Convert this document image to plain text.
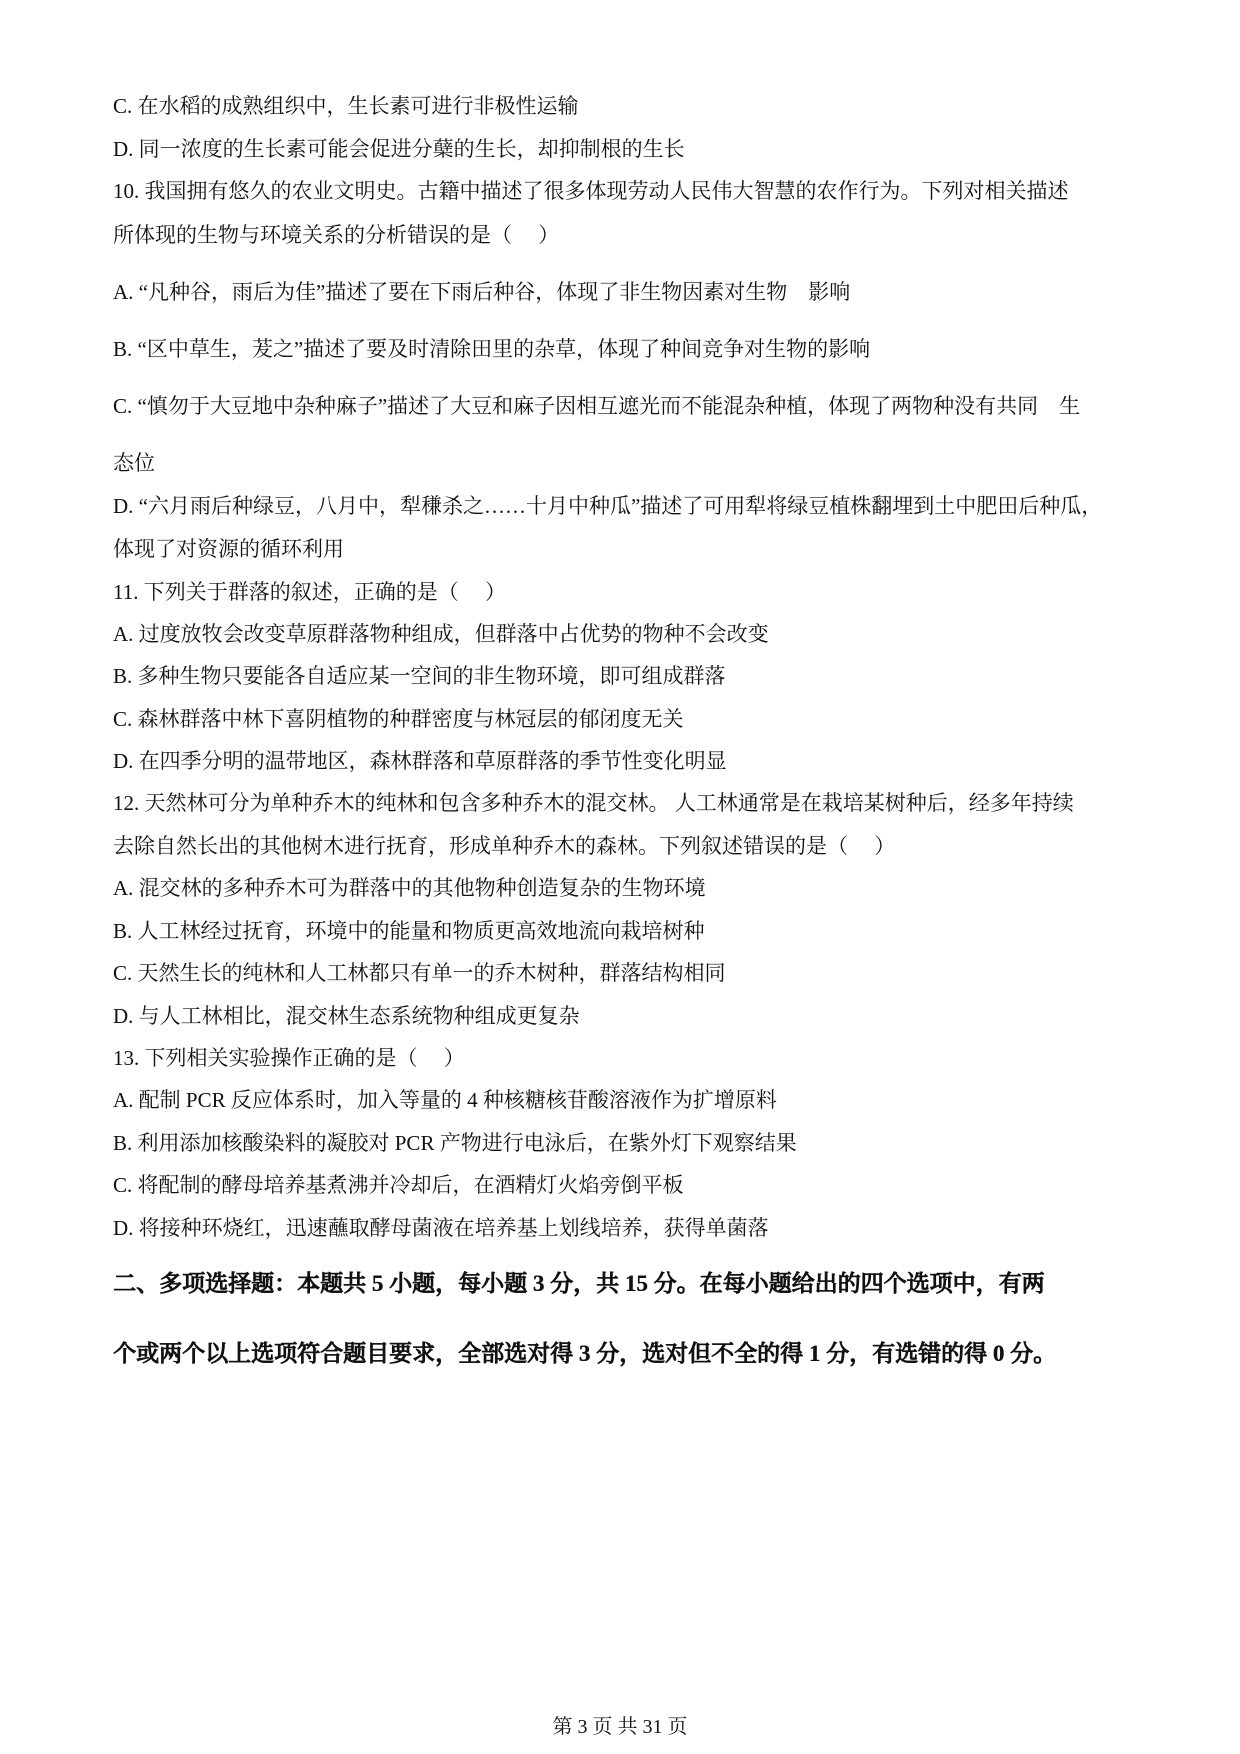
C. 在水稻的成熟组织中，生长素可进行非极性运输
D. 同一浓度的生长素可能会促进分蘖的生长，却抑制根的生长
10. 我国拥有悠久的农业文明史。古籍中描述了很多体现劳动人民伟大智慧的农作行为。下列对相关描述
所体现的生物与环境关系的分析错误的是（　 ）
A. “凡种谷，雨后为佳”描述了要在下雨后种谷，体现了非生物因素对生物　影响
B. “区中草生，茇之”描述了要及时清除田里的杂草，体现了种间竞争对生物的影响
C. “慎勿于大豆地中杂种麻子”描述了大豆和麻子因相互遮光而不能混杂种植，体现了两物种没有共同　生
态位
D. “六月雨后种绿豆，八月中，犁稴杀之……十月中种瓜”描述了可用犁将绿豆植株翻埋到土中肥田后种瓜，
体现了对资源的循环利用
11. 下列关于群落的叙述，正确的是（　 ）
A. 过度放牧会改变草原群落物种组成，但群落中占优势的物种不会改变
B. 多种生物只要能各自适应某一空间的非生物环境，即可组成群落
C. 森林群落中林下喜阴植物的种群密度与林冠层的郁闭度无关
D. 在四季分明的温带地区，森林群落和草原群落的季节性变化明显
12. 天然林可分为单种乔木的纯林和包含多种乔木的混交林。 人工林通常是在栽培某树种后，经多年持续
去除自然长出的其他树木进行抚育，形成单种乔木的森林。下列叙述错误的是（　 ）
A. 混交林的多种乔木可为群落中的其他物种创造复杂的生物环境
B. 人工林经过抚育，环境中的能量和物质更高效地流向栽培树种
C. 天然生长的纯林和人工林都只有单一的乔木树种，群落结构相同
D. 与人工林相比，混交林生态系统物种组成更复杂
13. 下列相关实验操作正确的是（　 ）
A. 配制 PCR 反应体系时，加入等量的 4 种核糖核苷酸溶液作为扩增原料
B. 利用添加核酸染料的凝胶对 PCR 产物进行电泳后，在紫外灯下观察结果
C. 将配制的酵母培养基煮沸并冷却后，在酒精灯火焰旁倒平板
D. 将接种环烧红，迅速蘸取酵母菌液在培养基上划线培养，获得单菌落
二、多项选择题：本题共 5 小题，每小题 3 分，共 15 分。在每小题给出的四个选项中，有两
个或两个以上选项符合题目要求，全部选对得 3 分，选对但不全的得 1 分，有选错的得 0 分。
第 3 页 共 31 页
